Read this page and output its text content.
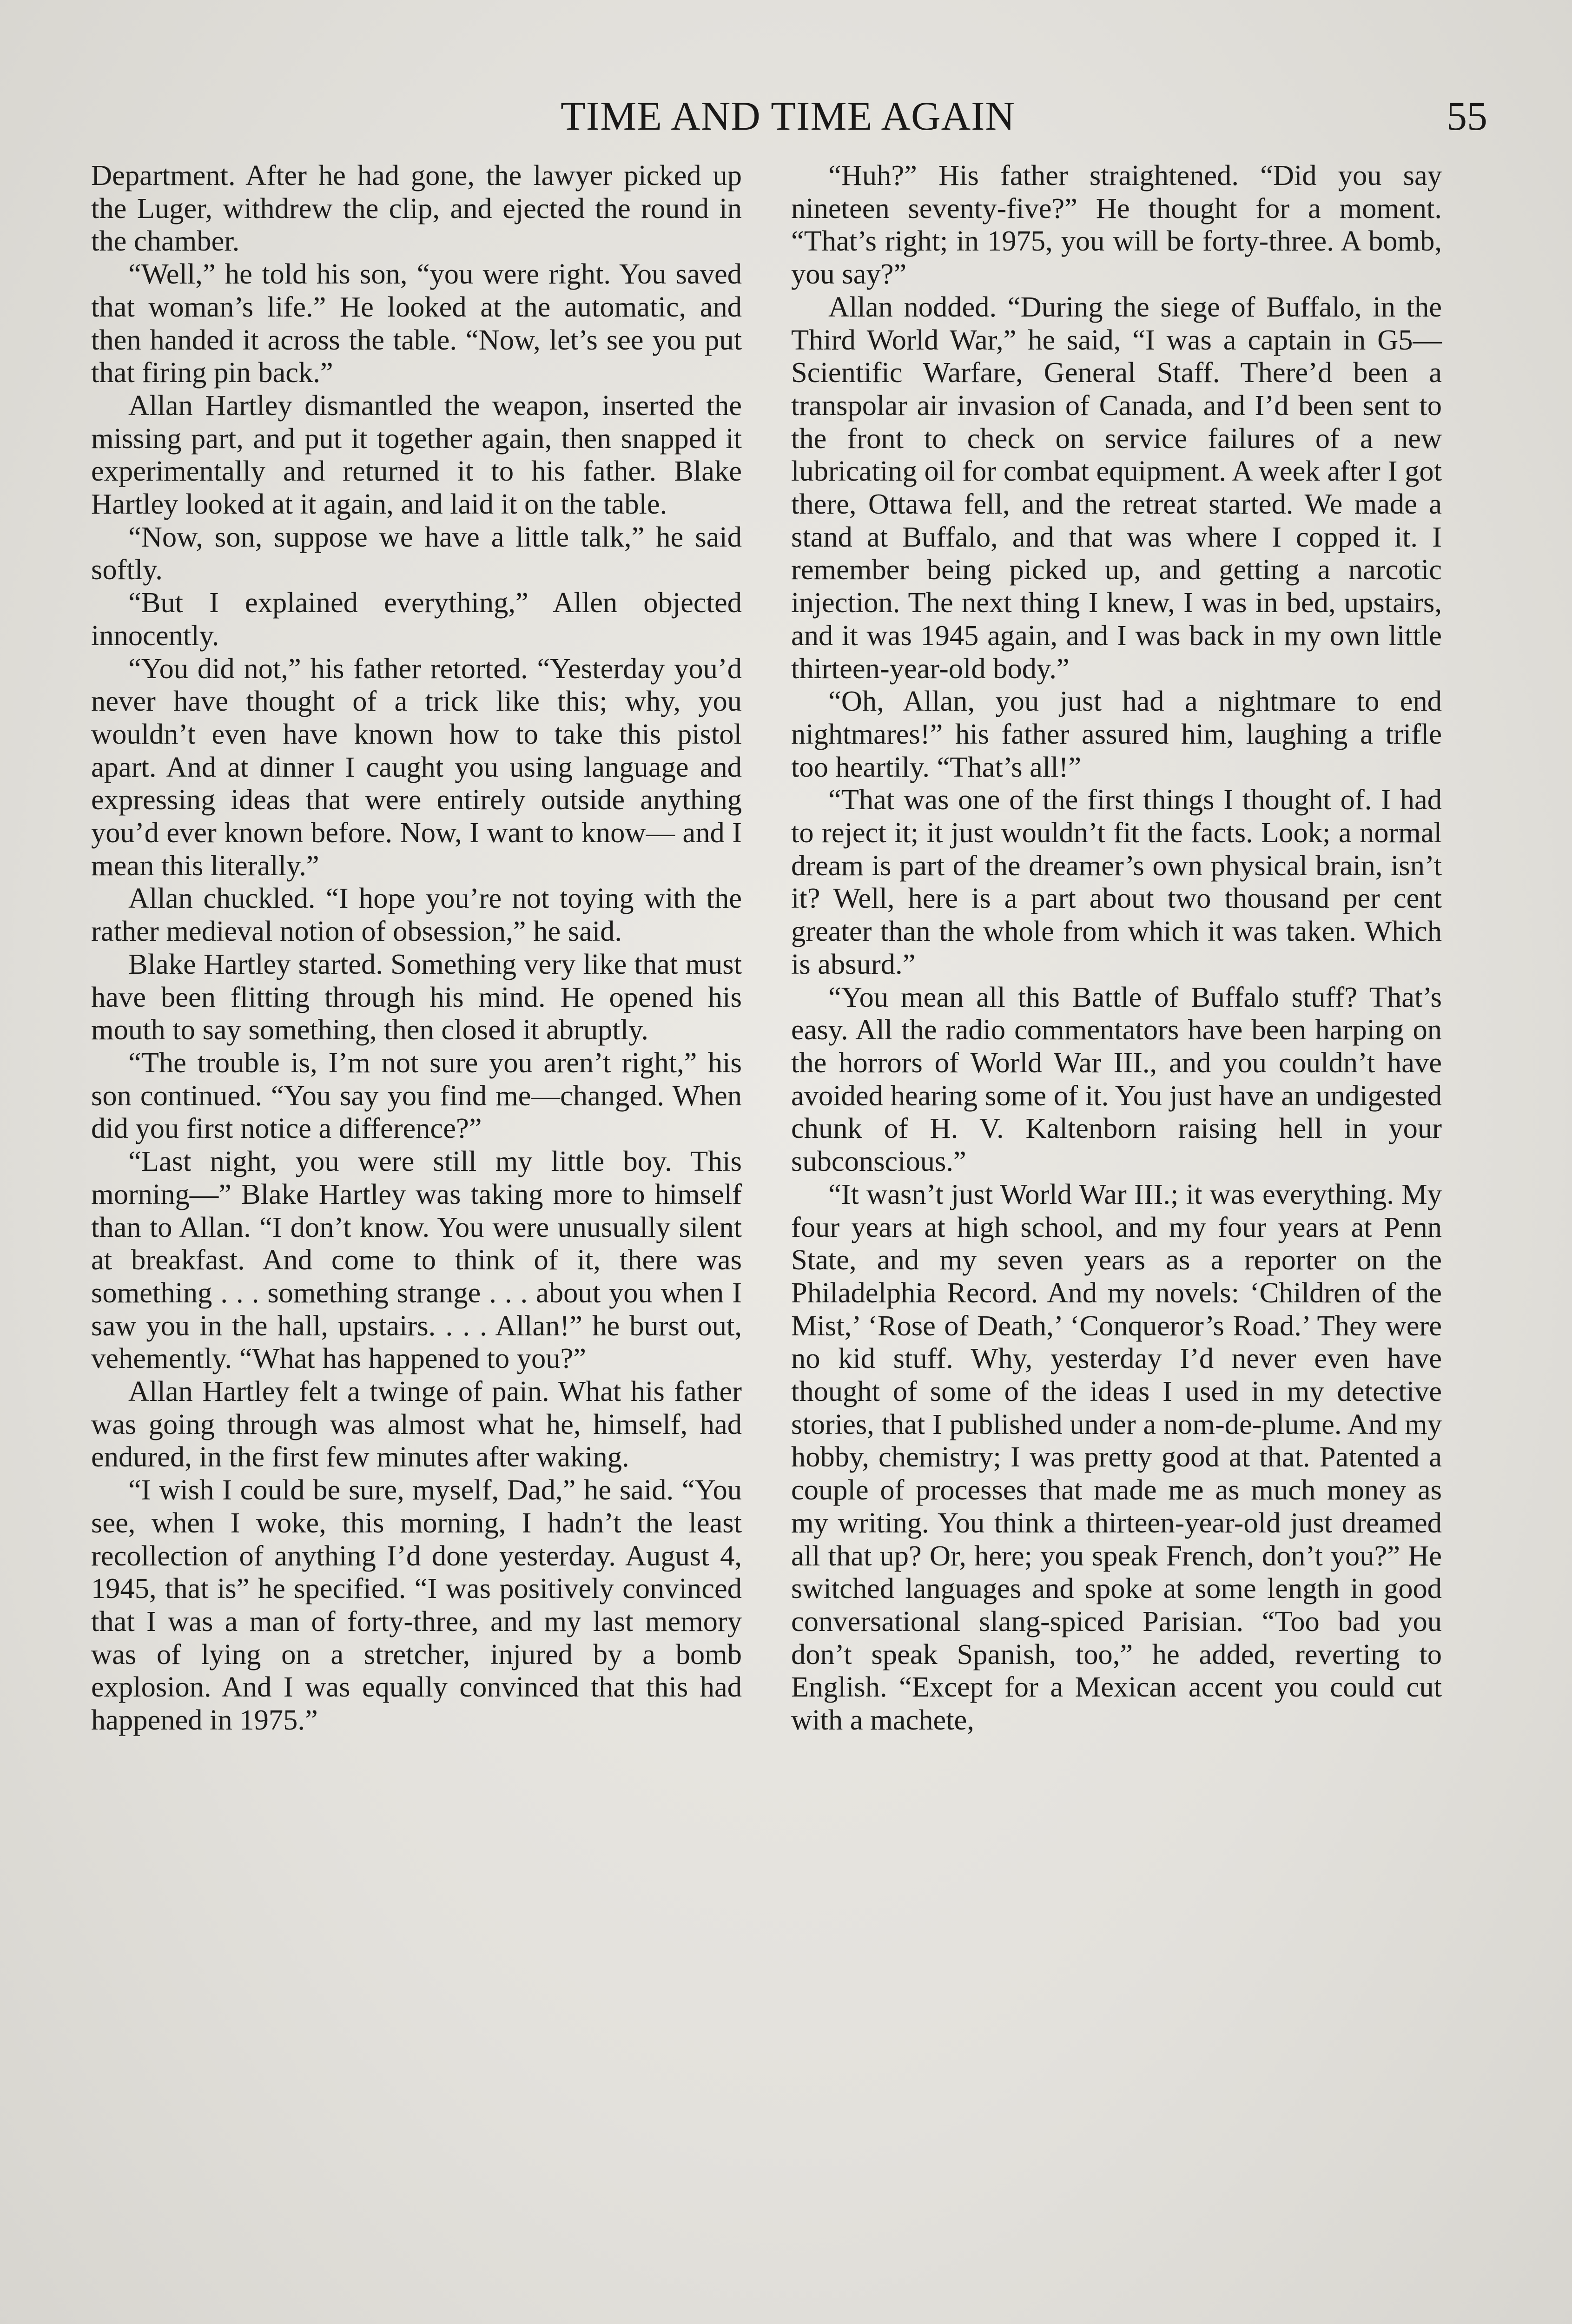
TIME AND TIME AGAIN	55

Department. After he had gone, the lawyer picked up the Luger, withdrew the clip, and ejected the round in the chamber.

“Well,” he told his son, “you were right. You saved that woman’s life.” He looked at the automatic, and then handed it across the table. “Now, let’s see you put that firing pin back.”

Allan Hartley dismantled the weapon, inserted the missing part, and put it together again, then snapped it experimentally and returned it to his father. Blake Hartley looked at it again, and laid it on the table.

“Now, son, suppose we have a little talk,” he said softly.

“But I explained everything,” Allen objected innocently.

“You did not,” his father retorted. “Yesterday you’d never have thought of a trick like this; why, you wouldn’t even have known how to take this pistol apart. And at dinner I caught you using language and expressing ideas that were entirely outside anything you’d ever known before. Now, I want to know— and I mean this literally.”

Allan chuckled. “I hope you’re not toying with the rather medieval notion of obsession,” he said.

Blake Hartley started. Something very like that must have been flitting through his mind. He opened his mouth to say something, then closed it abruptly.

“The trouble is, I’m not sure you aren’t right,” his son continued. “You say you find me—changed. When did you first notice a difference?”

“Last night, you were still my little boy. This morning—” Blake Hartley was taking more to himself than to Allan. “I don’t know. You were unusually silent at breakfast. And come to think of it, there was something . . . something strange . . . about you when I saw you in the hall, upstairs. . . . Allan!” he burst out, vehemently. “What has happened to you?”

Allan Hartley felt a twinge of pain. What his father was going through was almost what he, himself, had endured, in the first few minutes after waking.

“I wish I could be sure, myself, Dad,” he said. “You see, when I woke, this morning, I hadn’t the least recollection of anything I’d done yesterday. August 4, 1945, that is” he specified. “I was positively convinced that I was a man of forty-three, and my last memory was of lying on a stretcher, injured by a bomb explosion. And I was equally convinced that this had happened in 1975.”

“Huh?” His father straightened. “Did you say nineteen seventy-five?” He thought for a moment. “That’s right; in 1975, you will be forty-three. A bomb, you say?”

Allan nodded. “During the siege of Buffalo, in the Third World War,” he said, “I was a captain in G5—Scientific Warfare, General Staff. There’d been a transpolar air invasion of Canada, and I’d been sent to the front to check on service failures of a new lubricating oil for combat equipment. A week after I got there, Ottawa fell, and the retreat started. We made a stand at Buffalo, and that was where I copped it. I remember being picked up, and getting a narcotic injection. The next thing I knew, I was in bed, upstairs, and it was 1945 again, and I was back in my own little thirteen-year-old body.”

“Oh, Allan, you just had a nightmare to end nightmares!” his father assured him, laughing a trifle too heartily. “That’s all!”

“That was one of the first things I thought of. I had to reject it; it just wouldn’t fit the facts. Look; a normal dream is part of the dreamer’s own physical brain, isn’t it? Well, here is a part about two thousand per cent greater than the whole from which it was taken. Which is absurd.”

“You mean all this Battle of Buffalo stuff? That’s easy. All the radio commentators have been harping on the horrors of World War III., and you couldn’t have avoided hearing some of it. You just have an undigested chunk of H. V. Kaltenborn raising hell in your subconscious.”

“It wasn’t just World War III.; it was everything. My four years at high school, and my four years at Penn State, and my seven years as a reporter on the Philadelphia Record. And my novels: ‘Children of the Mist,’ ‘Rose of Death,’ ‘Conqueror’s Road.’ They were no kid stuff. Why, yesterday I’d never even have thought of some of the ideas I used in my detective stories, that I published under a nom-de-plume. And my hobby, chemistry; I was pretty good at that. Patented a couple of processes that made me as much money as my writing. You think a thirteen-year-old just dreamed all that up? Or, here; you speak French, don’t you?” He switched languages and spoke at some length in good conversational slang-spiced Parisian. “Too bad you don’t speak Spanish, too,” he added, reverting to English. “Except for a Mexican accent you could cut with a machete,
